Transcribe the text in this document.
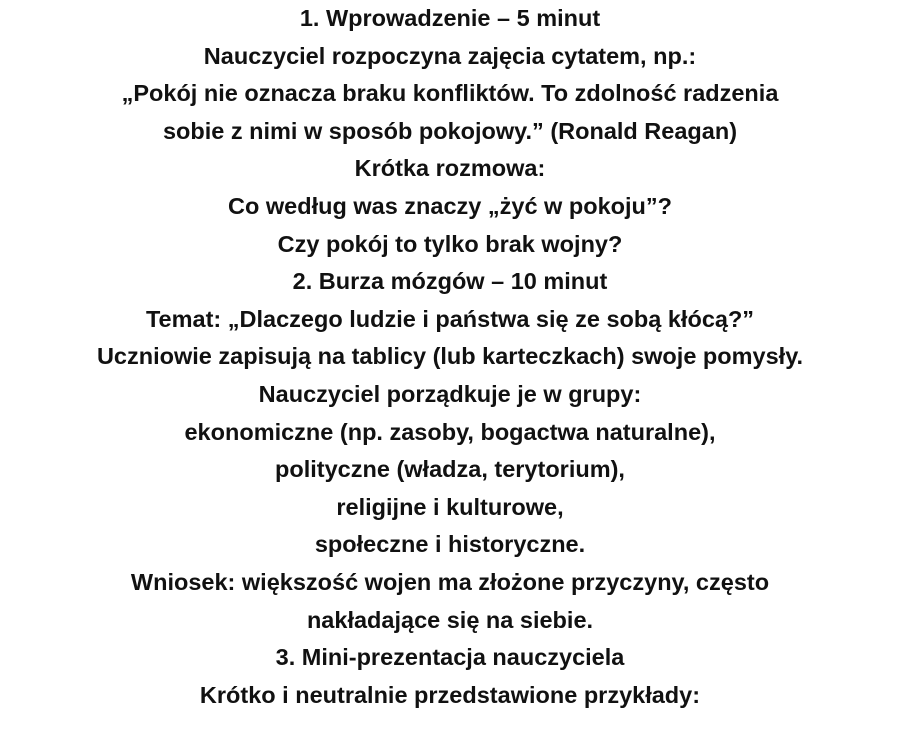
1. Wprowadzenie – 5 minut
Nauczyciel rozpoczyna zajęcia cytatem, np.:
„Pokój nie oznacza braku konfliktów. To zdolność radzenia
sobie z nimi w sposób pokojowy.” (Ronald Reagan)
Krótka rozmowa:
Co według was znaczy „żyć w pokoju”?
Czy pokój to tylko brak wojny?
2. Burza mózgów – 10 minut
Temat: „Dlaczego ludzie i państwa się ze sobą kłócą?”
Uczniowie zapisują na tablicy (lub karteczkach) swoje pomysły.
Nauczyciel porządkuje je w grupy:
ekonomiczne (np. zasoby, bogactwa naturalne),
polityczne (władza, terytorium),
religijne i kulturowe,
społeczne i historyczne.
Wniosek: większość wojen ma złożone przyczyny, często
nakładające się na siebie.
3. Mini-prezentacja nauczyciela
Krótko i neutralnie przedstawione przykłady:
